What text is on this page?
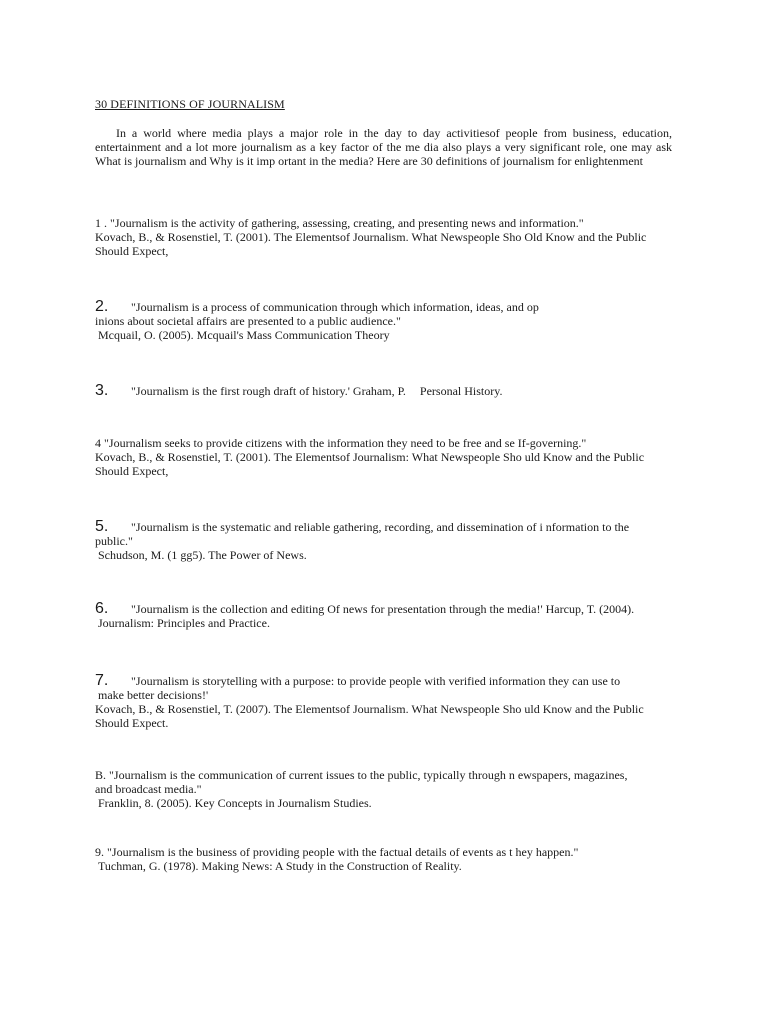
30 DEFINITIONS OF JOURNALISM
In a world where media plays a major role in the day to day activitiesof people from business, education, entertainment and a lot more journalism as a key factor of the me dia also plays a very significant role, one may ask What is journalism and Why is it imp ortant in the media? Here are 30 definitions of journalism for enlightenment
1 . "Journalism is the activity of gathering, assessing, creating, and presenting news and information."
Kovach, B., & Rosenstiel, T. (2001). The Elementsof Journalism. What Newspeople Sho Old Know and the Public
Should Expect,
2. "Journalism is a process of communication through which information, ideas, and op
inions about societal affairs are presented to a public audience."
Mcquail, O. (2005). Mcquail's Mass Communication Theory
3. "Journalism is the first rough draft of history.' Graham, P. Personal History.
4 "Journalism seeks to provide citizens with the information they need to be free and se If-governing."
Kovach, B., & Rosenstiel, T. (2001). The Elementsof Journalism: What Newspeople Sho uld Know and the Public
Should Expect,
5. "Journalism is the systematic and reliable gathering, recording, and dissemination of i nformation to the
public."
Schudson, M. (1 gg5). The Power of News.
6. "Journalism is the collection and editing Of news for presentation through the media!' Harcup, T. (2004).
Journalism: Principles and Practice.
7. "Journalism is storytelling with a purpose: to provide people with verified information they can use to
make better decisions!'
Kovach, B., & Rosenstiel, T. (2007). The Elementsof Journalism. What Newspeople Sho uld Know and the Public
Should Expect.
B. "Journalism is the communication of current issues to the public, typically through n ewspapers, magazines,
and broadcast media."
Franklin, 8. (2005). Key Concepts in Journalism Studies.
9. "Journalism is the business of providing people with the factual details of events as t hey happen."
Tuchman, G. (1978). Making News: A Study in the Construction of Reality.
